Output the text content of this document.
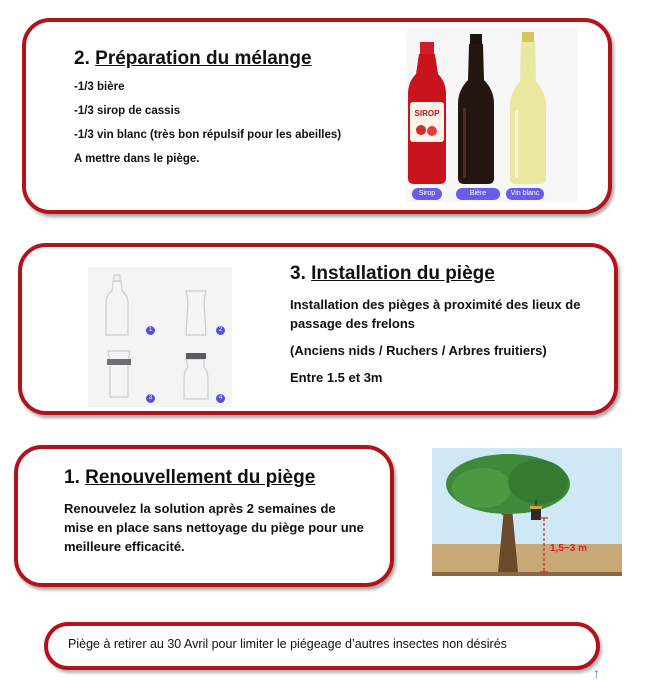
2. Préparation du mélange

-1/3 bière

-1/3 sirop de cassis

-1/3 vin blanc (très bon répulsif pour les abeilles)

A mettre dans le piège.

SIROP
Sirop	Bière brune
Vin blanc
1	2
3	4

3. Installation du piège

Installation des pièges à proximité des lieux de passage des frelons

(Anciens nids / Ruchers / Arbres fruitiers)

Entre 1.5 et 3m

1. Renouvellement du piège

Renouvelez la solution après 2 semaines de mise en place sans nettoyage du piège pour une meilleure efficacité.	1,5~3 m
Piège à retirer au 30 Avril pour limiter le piégeage d’autres insectes non désirés
↑
